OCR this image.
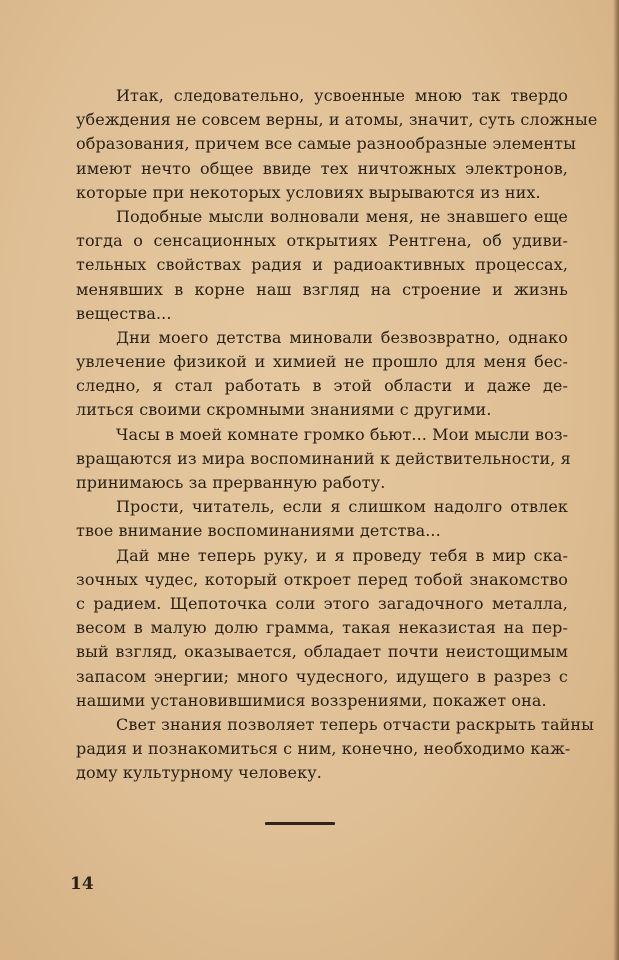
Итак, следовательно, усвоенные мною так твердо
убеждения не совсем верны, и атомы, значит, суть сложные
образования, причем все самые разнообразные элементы
имеют нечто общее ввиде тех ничтожных электронов,
которые при некоторых условиях вырываются из них.
Подобные мысли волновали меня, не знавшего еще
тогда о сенсационных открытиях Рентгена, об удиви-
тельных свойствах радия и радиоактивных процессах,
менявших в корне наш взгляд на строение и жизнь
вещества...
Дни моего детства миновали безвозвратно, однако
увлечение физикой и химией не прошло для меня бес-
следно, я стал работать в этой области и даже де-
литься своими скромными знаниями с другими.
Часы в моей комнате громко бьют... Мои мысли воз-
вращаются из мира воспоминаний к действительности, я
принимаюсь за прерванную работу.
Прости, читатель, если я слишком надолго отвлек
твое внимание воспоминаниями детства...
Дай мне теперь руку, и я проведу тебя в мир ска-
зочных чудес, который откроет перед тобой знакомство
с радием. Щепоточка соли этого загадочного металла,
весом в малую долю грамма, такая неказистая на пер-
вый взгляд, оказывается, обладает почти неистощимым
запасом энергии; много чудесного, идущего в разрез с
нашими установившимися воззрениями, покажет она.
Свет знания позволяет теперь отчасти раскрыть тайны
радия и познакомиться с ним, конечно, необходимо каж-
дому культурному человеку.
14
